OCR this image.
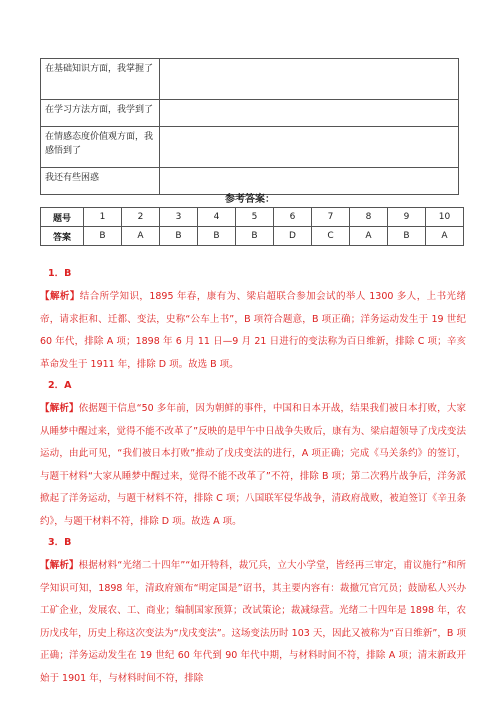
在基础知识方面，我掌握了	
在学习方法方面，我学到了	
在情感态度价值观方面，我感悟到了	
我还有些困惑	
参考答案：
题号	1	2	3	4	5	6	7	8	9	10
答案	B	A	B	B	B	D	C	A	B	A
1．B
【解析】结合所学知识，1895 年春，康有为、梁启超联合参加会试的举人 1300 多人，上书光绪帝，请求拒和、迁都、变法，史称“公车上书”，B 项符合题意，B 项正确；洋务运动发生于 19 世纪 60 年代，排除 A 项；1898 年 6 月 11 日—9 月 21 日进行的变法称为百日维新，排除 C 项；辛亥革命发生于 1911 年，排除 D 项。故选 B 项。
2．A
【解析】依据题干信息“50 多年前，因为朝鲜的事件，中国和日本开战，结果我们被日本打败，大家从睡梦中醒过来，觉得不能不改革了”反映的是甲午中日战争失败后，康有为、梁启超领导了戊戌变法运动，由此可见，“我们被日本打败”推动了戊戌变法的进行，A 项正确；完成《马关条约》的签订，与题干材料“大家从睡梦中醒过来，觉得不能不改革了”不符，排除 B 项；第二次鸦片战争后，洋务派掀起了洋务运动，与题干材料不符，排除 C 项；八国联军侵华战争，清政府战败，被迫签订《辛丑条约》，与题干材料不符，排除 D 项。故选 A 项。
3．B
【解析】根据材料“光绪二十四年”“如开特科，裁冗兵，立大小学堂，皆经再三审定，甫议施行”和所学知识可知，1898 年，清政府颁布“明定国是”诏书，其主要内容有：裁撤冗官冗员；鼓励私人兴办工矿企业，发展农、工、商业；编制国家预算；改试策论；裁减绿营。光绪二十四年是 1898 年，农历戊戌年，历史上称这次变法为“戊戌变法”。这场变法历时 103 天，因此又被称为“百日维新”，B 项正确；洋务运动发生在 19 世纪 60 年代到 90 年代中期，与材料时间不符，排除 A 项；清末新政开始于 1901 年，与材料时间不符，排除
